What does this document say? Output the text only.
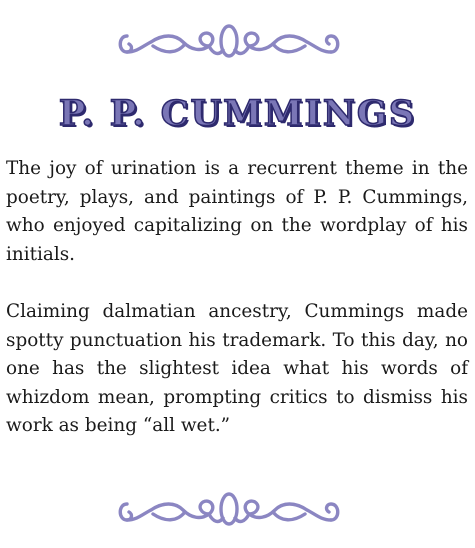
P. P. CUMMINGS

The joy of urination is a recurrent theme in the poetry, plays, and paintings of P. P. Cummings, who enjoyed capitalizing on the wordplay of his initials.

Claiming dalmatian ancestry, Cummings made spotty punctuation his trademark. To this day, no one has the slightest idea what his words of whizdom mean, prompting critics to dismiss his work as being “all wet.”
